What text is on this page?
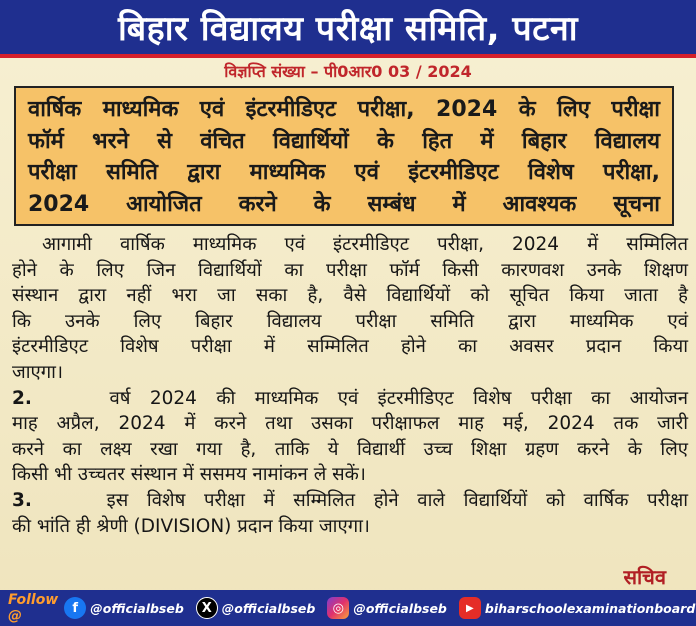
बिहार विद्यालय परीक्षा समिति, पटना
विज्ञप्ति संख्या – पी0आर0 03 / 2024
वार्षिक माध्यमिक एवं इंटरमीडिएट परीक्षा, 2024 के लिए परीक्षा
फॉर्म भरने से वंचित विद्यार्थियों के हित में बिहार विद्यालय
परीक्षा समिति द्वारा माध्यमिक एवं इंटरमीडिएट विशेष परीक्षा,
2024 आयोजित करने के सम्बंध में आवश्यक सूचना
आगामी वार्षिक माध्यमिक एवं इंटरमीडिएट परीक्षा, 2024 में सम्मिलित
होने के लिए जिन विद्यार्थियों का परीक्षा फॉर्म किसी कारणवश उनके शिक्षण
संस्थान द्वारा नहीं भरा जा सका है, वैसे विद्यार्थियों को सूचित किया जाता है
कि उनके लिए बिहार विद्यालय परीक्षा समिति द्वारा माध्यमिक एवं
इंटरमीडिएट विशेष परीक्षा में सम्मिलित होने का अवसर प्रदान किया
जाएगा।
2.	वर्ष 2024 की माध्यमिक एवं इंटरमीडिएट विशेष परीक्षा का आयोजन
माह अप्रैल, 2024 में करने तथा उसका परीक्षाफल माह मई, 2024 तक जारी
करने का लक्ष्य रखा गया है, ताकि ये विद्यार्थी उच्च शिक्षा ग्रहण करने के लिए
किसी भी उच्चतर संस्थान में ससमय नामांकन ले सकें।
3.	इस विशेष परीक्षा में सम्मिलित होने वाले विद्यार्थियों को वार्षिक परीक्षा
की भांति ही श्रेणी (DIVISION) प्रदान किया जाएगा।
सचिव
Follow @	f @officialbseb	X @officialbseb	◎ @officialbseb	▶ biharschoolexaminationboard
